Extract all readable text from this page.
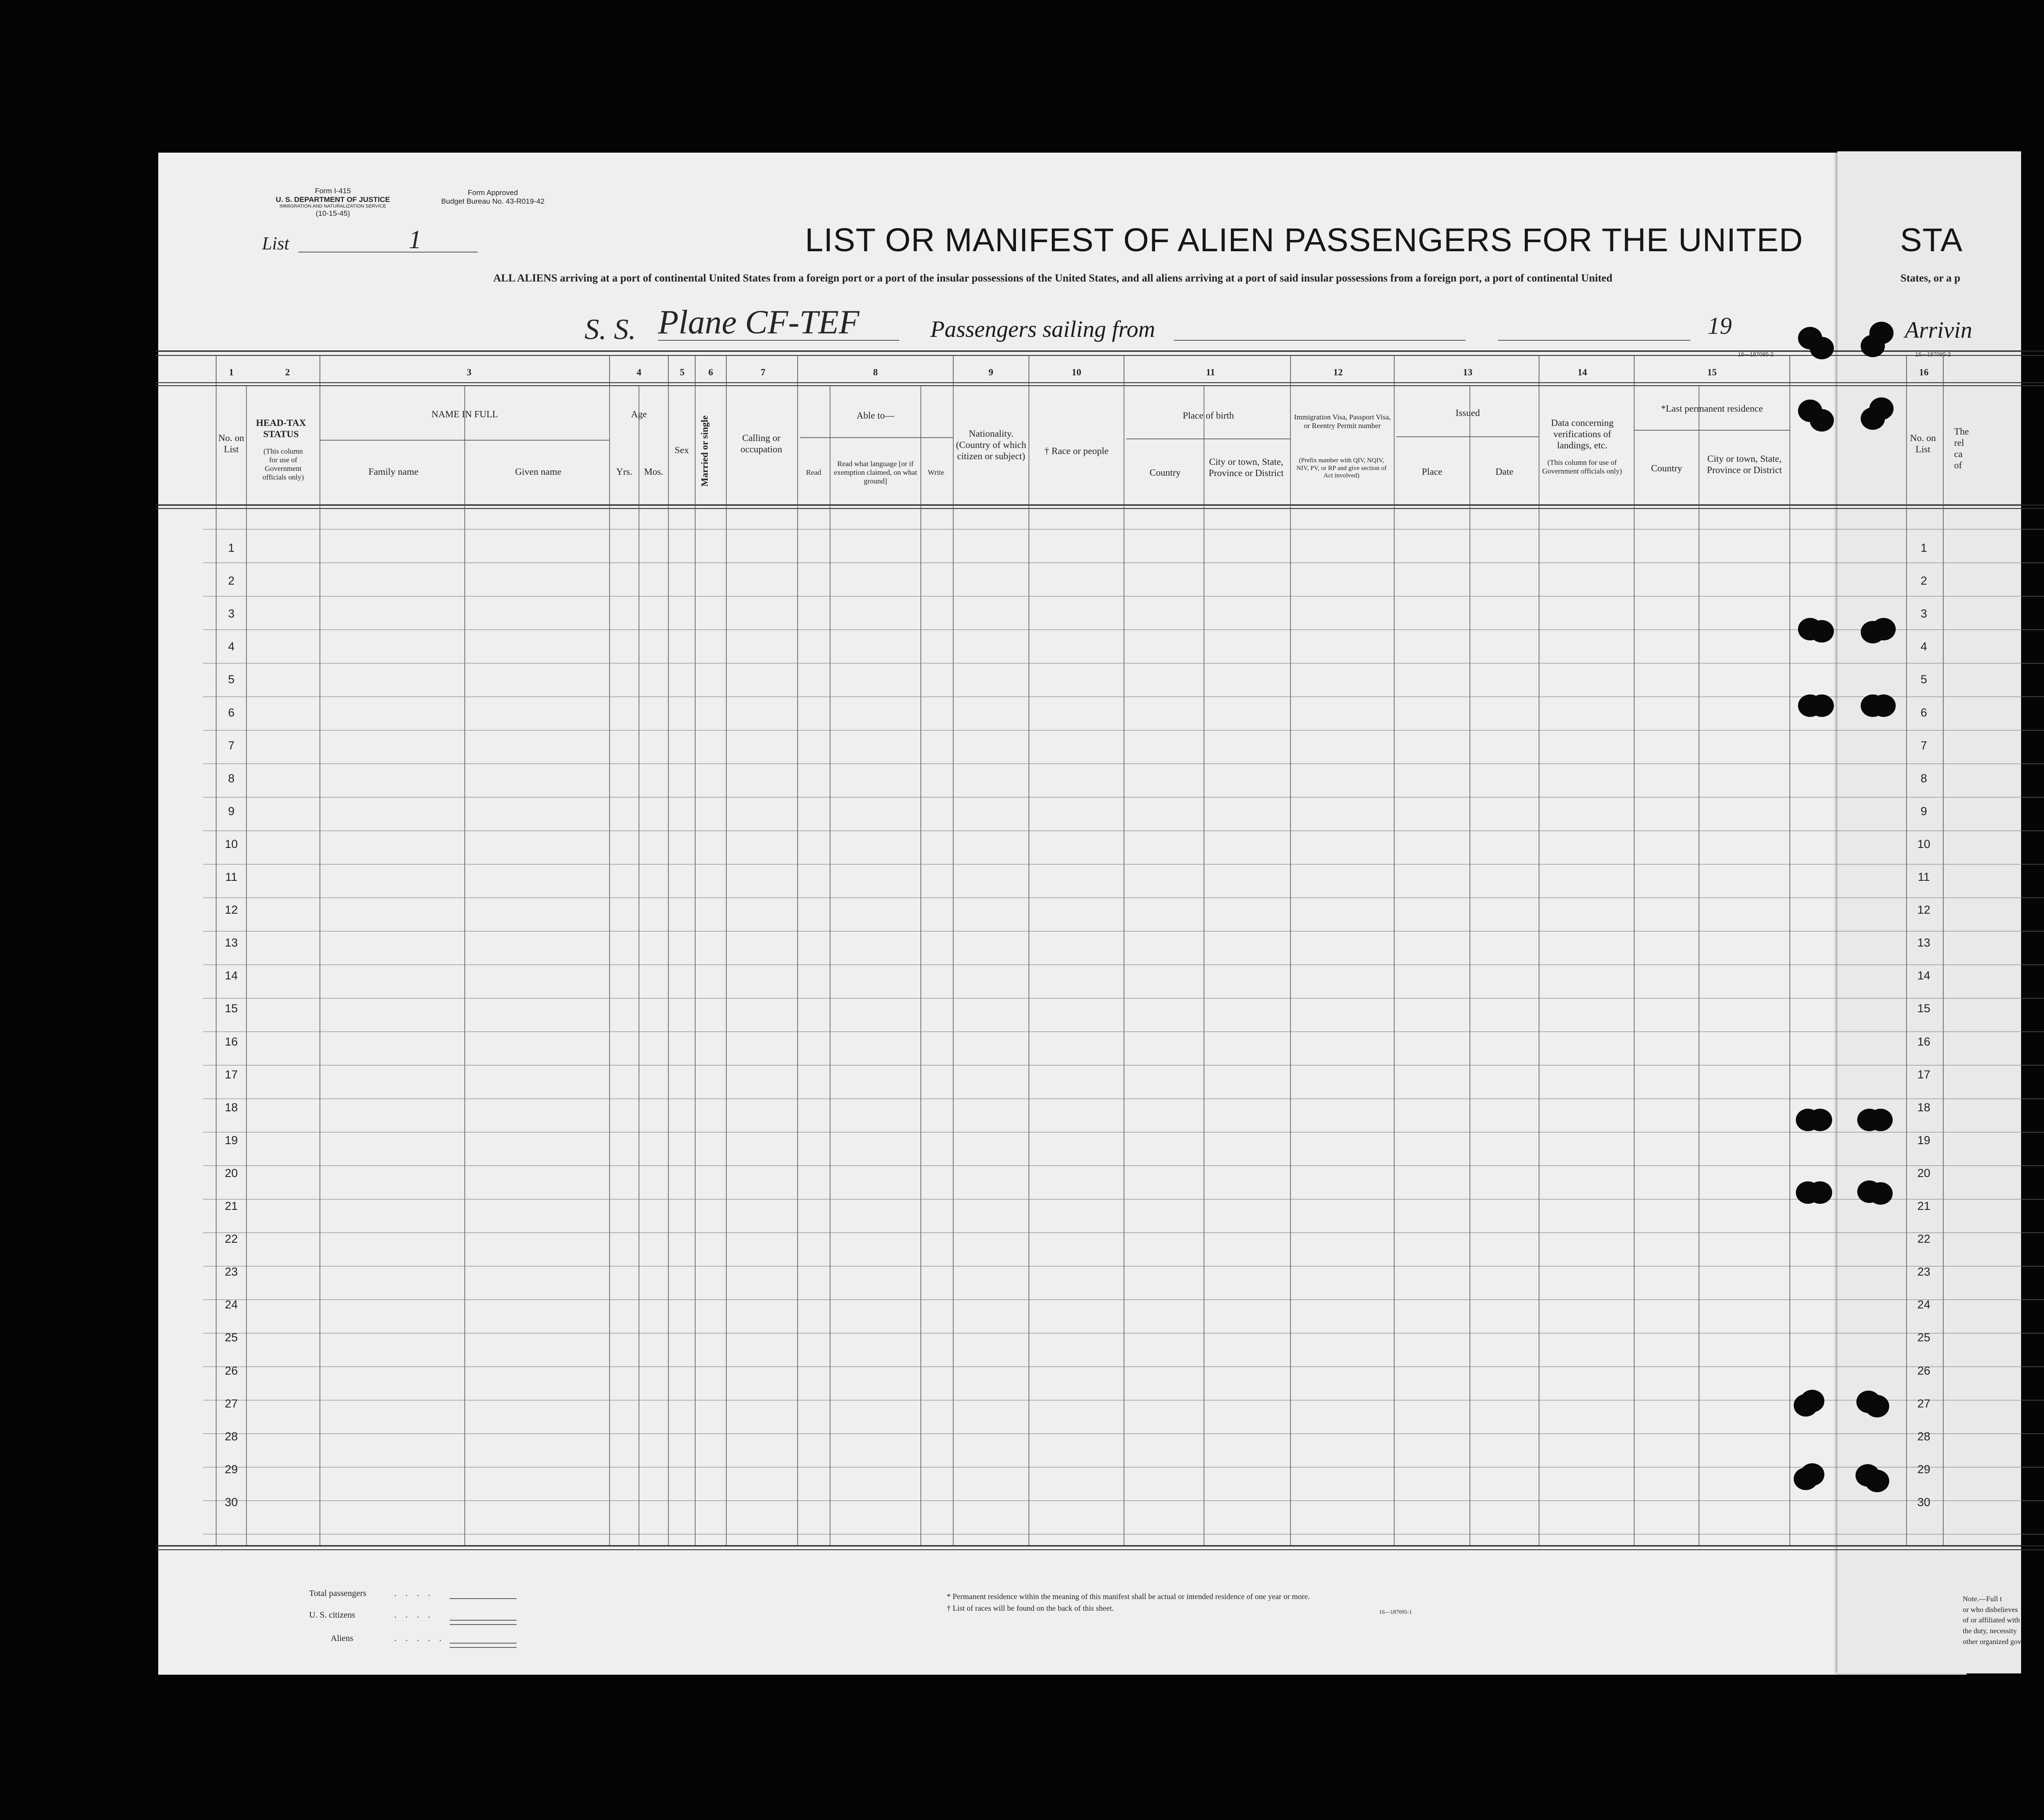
Form I-415
U. S. DEPARTMENT OF JUSTICE
IMMIGRATION AND NATURALIZATION SERVICE
(10-15-45)
Form Approved
Budget Bureau No. 43-R019-42
List	1	LIST OR MANIFEST OF ALIEN PASSENGERS FOR THE UNITED	STA
ALL ALIENS arriving at a port of continental United States from a foreign port or a port of the insular possessions of the United States, and all aliens arriving at a port of said insular possessions from a foreign port, a port of continental United	States, or a p
S. S. Plane CF-TEF	Passengers sailing from	19	Arrivin
16—187095-2	16—187095-2
1	2	3	4	5	6	7	8	9	10	11	12	13	14	15	16
No. on List
HEAD-TAX STATUS
(This column for use of Government officials only)
NAME IN FULL
Family name	Given name
Age
Yrs.	Mos.
Sex	Married or single	Calling or occupation
Able to—
Read
Read what language [or if exemption claimed, on what ground]
Write
Nationality. (Country of which citizen or subject)	† Race or people
Place of birth
Country
City or town, State, Province or District
Immigration Visa, Passport Visa, or Reentry Permit number
(Prefix number with QIV, NQIV, NIV, PV, or RP and give section of Act involved)
Issued
Place	Date
Data concerning verifications of landings, etc.
(This column for use of Government officials only)
*Last permanent residence
Country
City or town, State, Province or District
No. on List
The
rel
ca
of
1	1
2	2
3	3
4	4
5	5
6	6
7	7
8	8
9	9
10	10
11	11
12	12
13	13
14	14
15	15
16	16
17	17
18	18
19	19
20	20
21	21
22	22
23	23
24	24
25	25
26	26
27	27
28	28
29	29
30	30
Total passengers
U. S. citizens
Aliens
. . . .
. . . .
. . . . .
* Permanent residence within the meaning of this manifest shall be actual or intended residence of one year or more.
† List of races will be found on the back of this sheet.	16—187095-1
Note.—Full t
or who disbelieves
of or affiliated with
the duty, necessity
other organized gov
